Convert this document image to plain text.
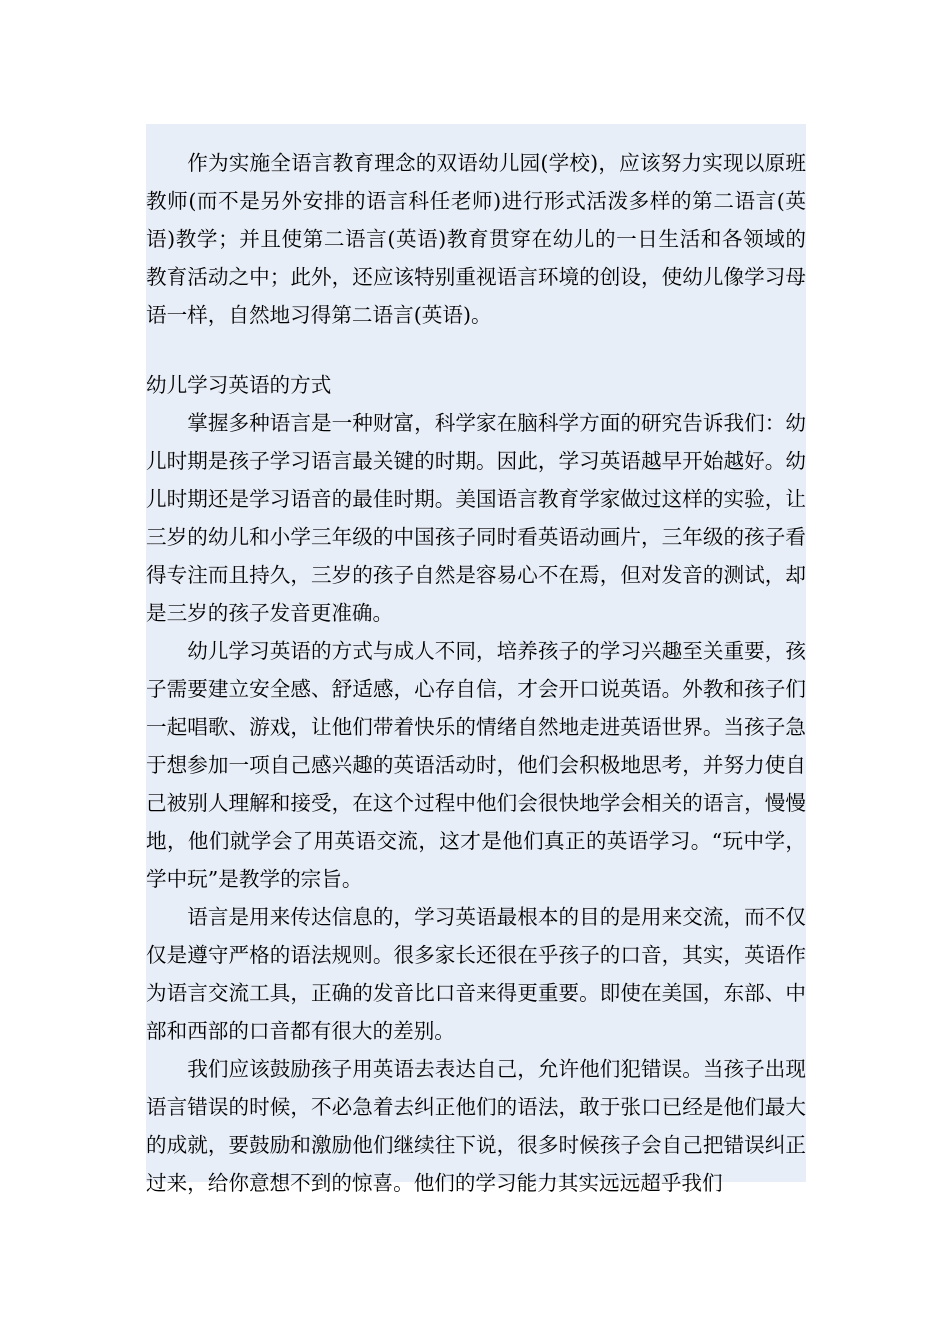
作为实施全语言教育理念的双语幼儿园(学校)，应该努力实现以原班教师(而不是另外安排的语言科任老师)进行形式活泼多样的第二语言(英语)教学；并且使第二语言(英语)教育贯穿在幼儿的一日生活和各领域的教育活动之中；此外，还应该特别重视语言环境的创设，使幼儿像学习母语一样，自然地习得第二语言(英语)。

幼儿学习英语的方式

掌握多种语言是一种财富，科学家在脑科学方面的研究告诉我们：幼儿时期是孩子学习语言最关键的时期。因此，学习英语越早开始越好。幼儿时期还是学习语音的最佳时期。美国语言教育学家做过这样的实验，让三岁的幼儿和小学三年级的中国孩子同时看英语动画片，三年级的孩子看得专注而且持久，三岁的孩子自然是容易心不在焉，但对发音的测试，却是三岁的孩子发音更准确。

幼儿学习英语的方式与成人不同，培养孩子的学习兴趣至关重要，孩子需要建立安全感、舒适感，心存自信，才会开口说英语。外教和孩子们一起唱歌、游戏，让他们带着快乐的情绪自然地走进英语世界。当孩子急于想参加一项自己感兴趣的英语活动时，他们会积极地思考，并努力使自己被别人理解和接受，在这个过程中他们会很快地学会相关的语言，慢慢地，他们就学会了用英语交流，这才是他们真正的英语学习。“玩中学，学中玩”是教学的宗旨。

语言是用来传达信息的，学习英语最根本的目的是用来交流，而不仅仅是遵守严格的语法规则。很多家长还很在乎孩子的口音，其实，英语作为语言交流工具，正确的发音比口音来得更重要。即使在美国，东部、中部和西部的口音都有很大的差别。

我们应该鼓励孩子用英语去表达自己，允许他们犯错误。当孩子出现语言错误的时候，不必急着去纠正他们的语法，敢于张口已经是他们最大的成就，要鼓励和激励他们继续往下说，很多时候孩子会自己把错误纠正过来，给你意想不到的惊喜。他们的学习能力其实远远超乎我们
